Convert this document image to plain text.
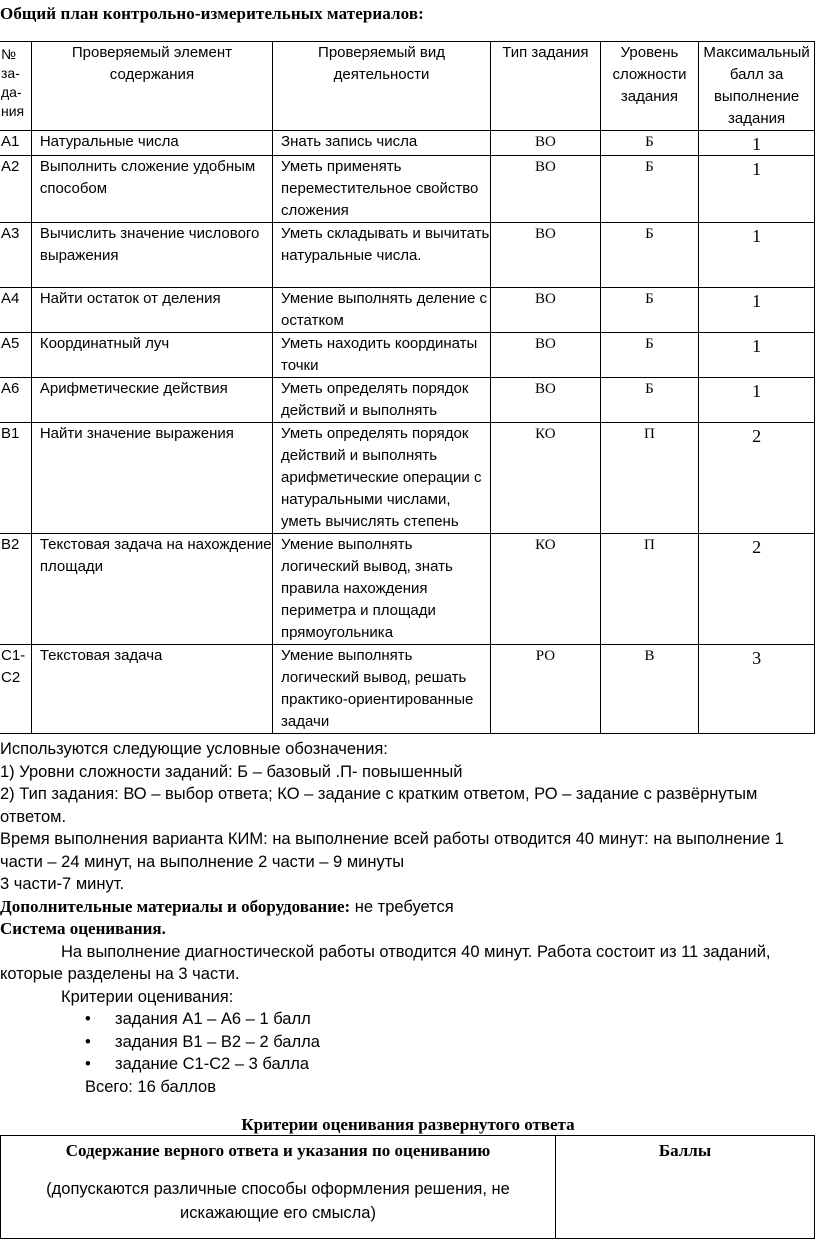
Общий план контрольно-измерительных материалов:
№ за-да-ния	Проверяемый элемент содержания	Проверяемый вид деятельности	Тип задания	Уровень сложности задания	Максимальный балл за выполнение задания
А1	Натуральные числа	Знать запись числа	ВО	Б	1
А2	Выполнить сложение удобным способом	Уметь применять переместительное свойство сложения	ВО	Б	1
А3	Вычислить значение числового выражения	Уметь складывать и вычитать натуральные числа.	ВО	Б	1
А4	Найти остаток от деления	Умение выполнять деление с остатком	ВО	Б	1
А5	Координатный луч	Уметь находить координаты точки	ВО	Б	1
А6	Арифметические действия	Уметь определять порядок действий и выполнять	ВО	Б	1
В1	Найти значение выражения	Уметь определять порядок действий и выполнять арифметические операции с натуральными числами, уметь вычислять степень	КО	П	2
В2	Текстовая задача на нахождение площади	Умение выполнять логический вывод, знать правила нахождения периметра и площади прямоугольника	КО	П	2
С1-С2	Текстовая задача	Умение выполнять логический вывод, решать практико-ориентированные задачи	РО	В	3

Используются следующие условные обозначения:

1) Уровни сложности заданий: Б – базовый .П- повышенный

2) Тип задания: ВО – выбор ответа; КО – задание с кратким ответом, РО – задание с развёрнутым ответом.

Время выполнения варианта КИМ: на выполнение всей работы отводится 40 минут: на выполнение 1 части – 24 минут, на выполнение 2 части – 9 минуты

3 части-7 минут.

Дополнительные материалы и оборудование: не требуется

Система оценивания.

На выполнение диагностической работы отводится 40 минут. Работа состоит из 11 заданий, которые разделены на 3 части.

Критерии оценивания:

• задания А1 – А6 – 1 балл
• задания В1 – В2 – 2 балла
• задание С1-С2 – 3 балла

Всего: 16 баллов

Критерии оценивания развернутого ответа
Содержание верного ответа и указания по оцениванию
(допускаются различные способы оформления решения, не искажающие его смысла)
	Баллы
